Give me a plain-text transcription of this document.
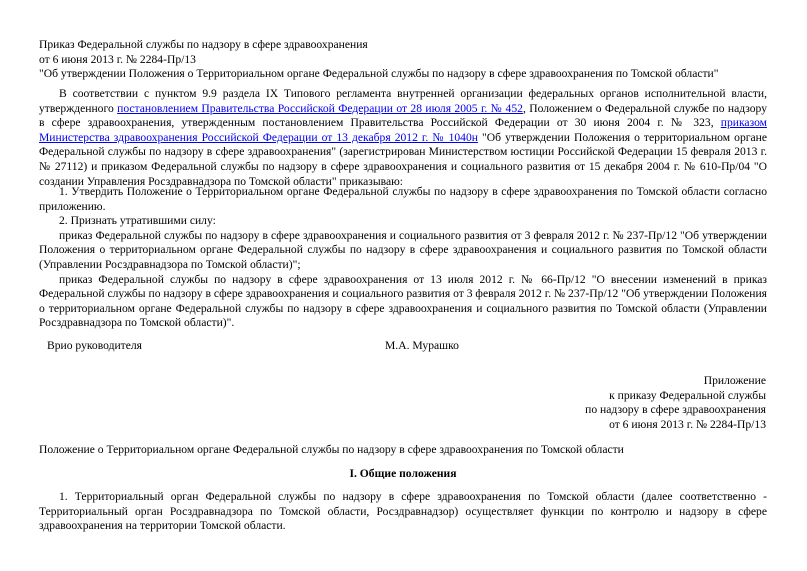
Приказ Федеральной службы по надзору в сфере здравоохранения

от 6 июня 2013 г. № 2284-Пр/13

"Об утверждении Положения о Территориальном органе Федеральной службы по надзору в сфере здравоохранения по Томской области"

В соответствии с пунктом 9.9 раздела IX Типового регламента внутренней организации федеральных органов исполнительной власти, утвержденного постановлением Правительства Российской Федерации от 28 июля 2005 г. № 452, Положением о Федеральной службе по надзору в сфере здравоохранения, утвержденным постановлением Правительства Российской Федерации от 30 июня 2004 г. № 323, приказом Министерства здравоохранения Российской Федерации от 13 декабря 2012 г. № 1040н "Об утверждении Положения о территориальном органе Федеральной службы по надзору в сфере здравоохранения" (зарегистрирован Министерством юстиции Российской Федерации 15 февраля 2013 г. № 27112) и приказом Федеральной службы по надзору в сфере здравоохранения и социального развития от 15 декабря 2004 г. № 610-Пр/04 "О создании Управления Росздравнадзора по Томской области" приказываю:

1. Утвердить Положение о Территориальном органе Федеральной службы по надзору в сфере здравоохранения по Томской области согласно приложению.

2. Признать утратившими силу:

приказ Федеральной службы по надзору в сфере здравоохранения и социального развития от 3 февраля 2012 г. № 237-Пр/12 "Об утверждении Положения о территориальном органе Федеральной службы по надзору в сфере здравоохранения и социального развития по Томской области (Управлении Росздравнадзора по Томской области)";

приказ Федеральной службы по надзору в сфере здравоохранения от 13 июля 2012 г. № 66-Пр/12 "О внесении изменений в приказ Федеральной службы по надзору в сфере здравоохранения и социального развития от 3 февраля 2012 г. № 237-Пр/12 "Об утверждении Положения о территориальном органе Федеральной службы по надзору в сфере здравоохранения и социального развития по Томской области (Управлении Росздравнадзора по Томской области)".

Врио руководителя	М.А. Мурашко

Приложение

к приказу Федеральной службы

по надзору в сфере здравоохранения

от 6 июня 2013 г. № 2284-Пр/13

Положение о Территориальном органе Федеральной службы по надзору в сфере здравоохранения по Томской области
I. Общие положения
1. Территориальный орган Федеральной службы по надзору в сфере здравоохранения по Томской области (далее соответственно - Территориальный орган Росздравнадзора по Томской области, Росздравнадзор) осуществляет функции по контролю и надзору в сфере здравоохранения на территории Томской области.
